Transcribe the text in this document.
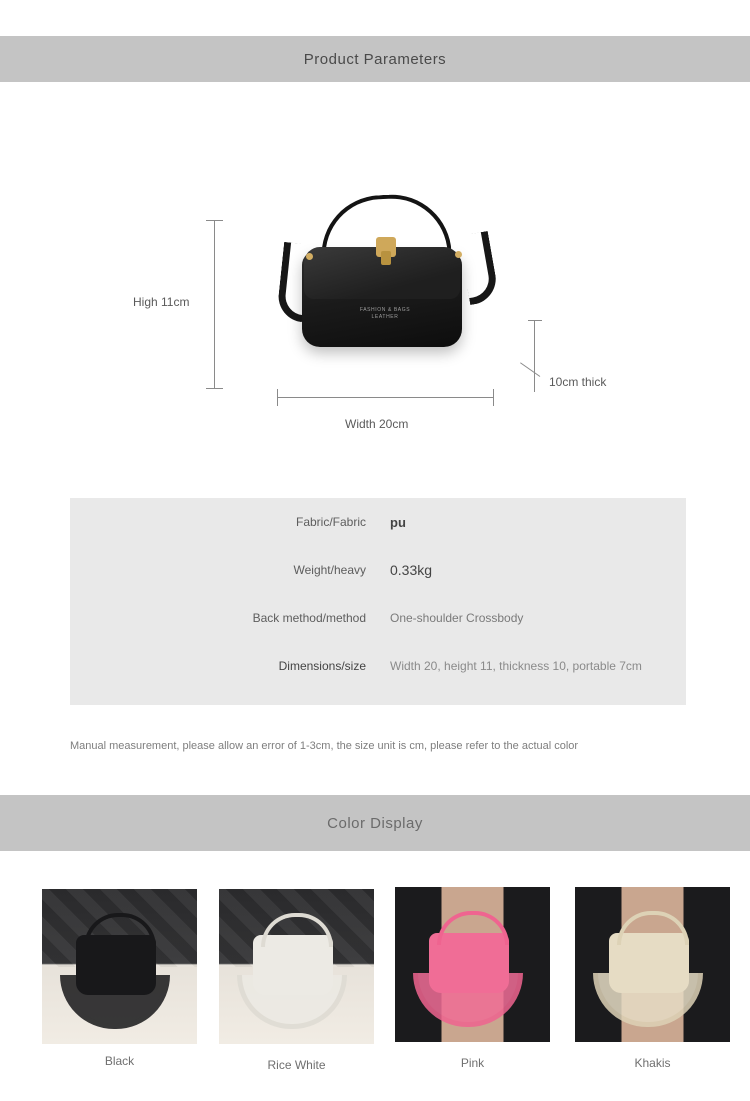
Product Parameters
FASHION & BAGS
LEATHER
High 11cm
Width 20cm
10cm thick
Fabric/Fabric	pu
Weight/heavy	0.33kg
Back method/method	One-shoulder Crossbody
Dimensions/size	Width 20, height 11, thickness 10, portable 7cm
Manual measurement, please allow an error of 1-3cm, the size unit is cm, please refer to the actual color
Color Display
Black	Rice White	Pink	Khakis
